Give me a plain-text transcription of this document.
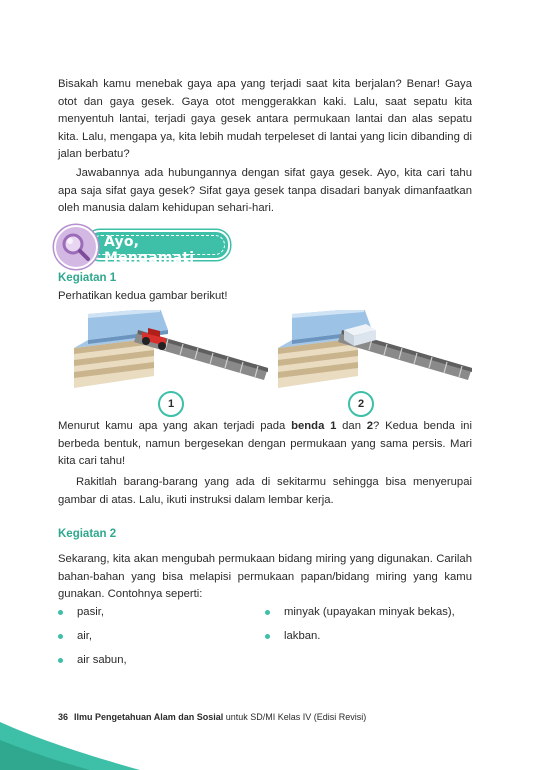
Bisakah kamu menebak gaya apa yang terjadi saat kita berjalan? Benar! Gaya otot dan gaya gesek. Gaya otot menggerakkan kaki. Lalu, saat sepatu kita menyentuh lantai, terjadi gaya gesek antara permukaan lantai dan alas sepatu kita. Lalu, mengapa ya, kita lebih mudah terpeleset di lantai yang licin dibanding di jalan berbatu?

Jawabannya ada hubungannya dengan sifat gaya gesek. Ayo, kita cari tahu apa saja sifat gaya gesek? Sifat gaya gesek tanpa disadari banyak dimanfaatkan oleh manusia dalam kehidupan sehari-hari.

Ayo, Mengamati
Kegiatan 1

Perhatikan kedua gambar berikut!

1	2

Menurut kamu apa yang akan terjadi pada benda 1 dan 2? Kedua benda ini berbeda bentuk, namun bergesekan dengan permukaan yang sama persis. Mari kita cari tahu!

Rakitlah barang-barang yang ada di sekitarmu sehingga bisa menyerupai gambar di atas. Lalu, ikuti instruksi dalam lembar kerja.

Kegiatan 2

Sekarang, kita akan mengubah permukaan bidang miring yang digunakan. Carilah bahan-bahan yang bisa melapisi permukaan papan/bidang miring yang kamu gunakan. Contohnya seperti:

pasir,
air,
air sabun,
minyak (upayakan minyak bekas),
lakban.
36 Ilmu Pengetahuan Alam dan Sosial untuk SD/MI Kelas IV (Edisi Revisi)
